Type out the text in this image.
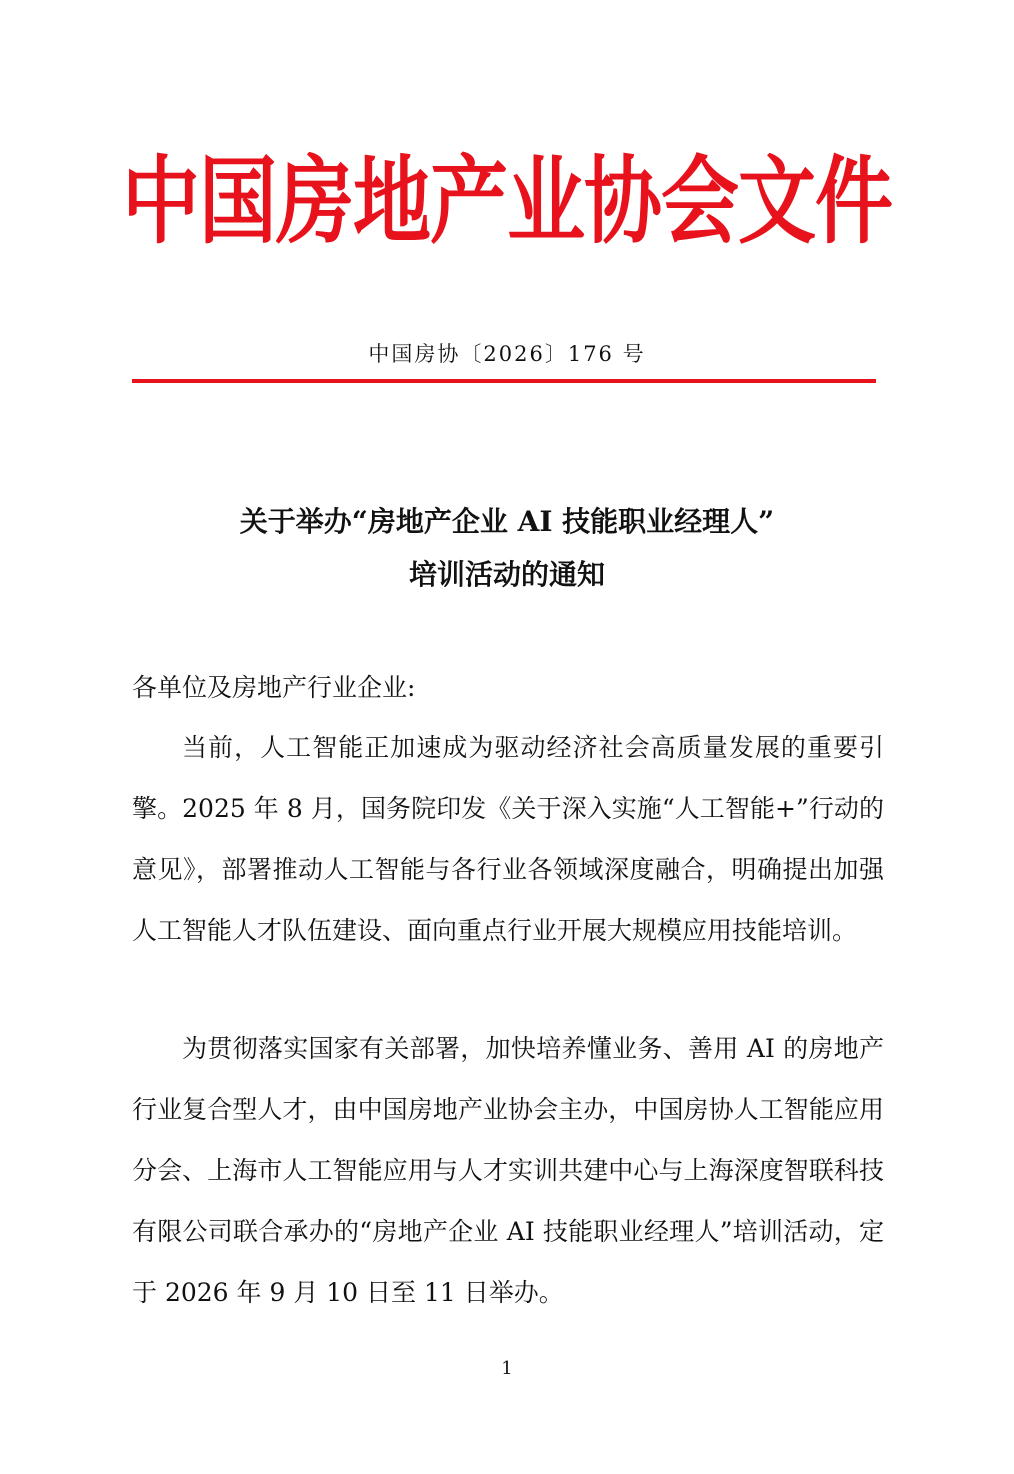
中国房地产业协会文件
中国房协〔2026〕176 号
关于举办“房地产企业 AI 技能职业经理人”
培训活动的通知
各单位及房地产行业企业:
当前，人工智能正加速成为驱动经济社会高质量发展的重要引擎。2025 年 8 月，国务院印发《关于深入实施“人工智能+”行动的意见》，部署推动人工智能与各行业各领域深度融合，明确提出加强人工智能人才队伍建设、面向重点行业开展大规模应用技能培训。
为贯彻落实国家有关部署，加快培养懂业务、善用 AI 的房地产行业复合型人才，由中国房地产业协会主办，中国房协人工智能应用分会、上海市人工智能应用与人才实训共建中心与上海深度智联科技有限公司联合承办的“房地产企业 AI 技能职业经理人”培训活动，定于 2026 年 9 月 10 日至 11 日举办。
1
